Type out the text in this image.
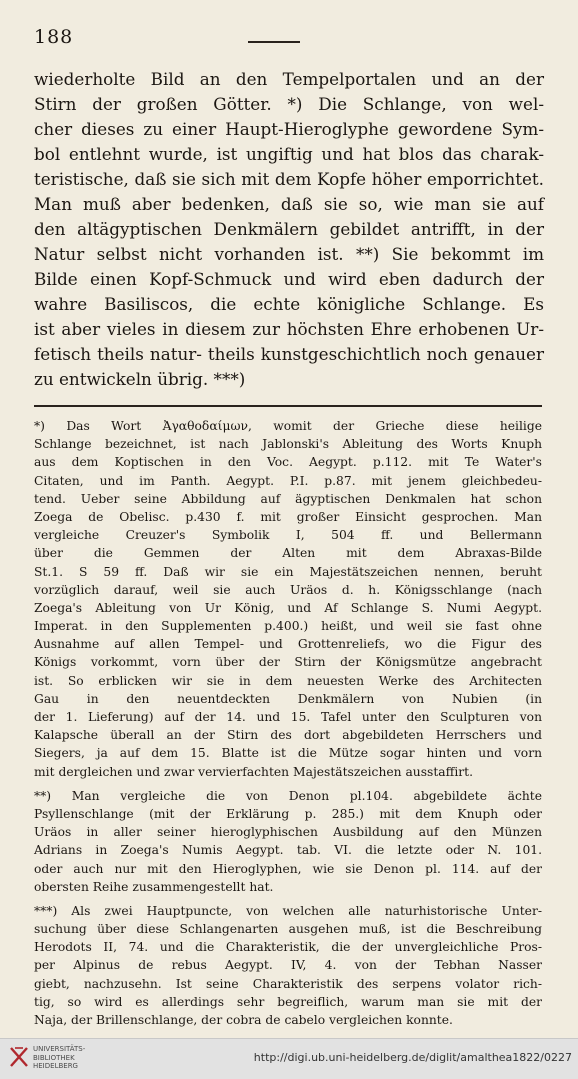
188
wiederholte Bild an den Tempelportalen und an der
Stirn der großen Götter. *) Die Schlange, von wel-
cher dieses zu einer Haupt-Hieroglyphe gewordene Sym-
bol entlehnt wurde, ist ungiftig und hat blos das charak-
teristische, daß sie sich mit dem Kopfe höher emporrichtet.
Man muß aber bedenken, daß sie so, wie man sie auf
den altägyptischen Denkmälern gebildet antrifft, in der
Natur selbst nicht vorhanden ist. **) Sie bekommt im
Bilde einen Kopf-Schmuck und wird eben dadurch der
wahre Basiliscos, die echte königliche Schlange. Es
ist aber vieles in diesem zur höchsten Ehre erhobenen Ur-
fetisch theils natur- theils kunstgeschichtlich noch genauer
zu entwickeln übrig. ***)
*) Das Wort Ἀγαθοδαίμων, womit der Grieche diese heilige
Schlange bezeichnet, ist nach Jablonski's Ableitung des Worts Knuph
aus dem Koptischen in den Voc. Aegypt. p.112. mit Te Water's
Citaten, und im Panth. Aegypt. P.I. p.87. mit jenem gleichbedeu-
tend. Ueber seine Abbildung auf ägyptischen Denkmalen hat schon
Zoega de Obelisc. p.430 f. mit großer Einsicht gesprochen. Man
vergleiche Creuzer's Symbolik I, 504 ff. und Bellermann
über die Gemmen der Alten mit dem Abraxas-Bilde
St.1. S 59 ff. Daß wir sie ein Majestätszeichen nennen, beruht
vorzüglich darauf, weil sie auch Uräos d. h. Königsschlange (nach
Zoega's Ableitung von Ur König, und Af Schlange S. Numi Aegypt.
Imperat. in den Supplementen p.400.) heißt, und weil sie fast ohne
Ausnahme auf allen Tempel- und Grottenreliefs, wo die Figur des
Königs vorkommt, vorn über der Stirn der Königsmütze angebracht
ist. So erblicken wir sie in dem neuesten Werke des Architecten
Gau in den neuentdeckten Denkmälern von Nubien (in
der 1. Lieferung) auf der 14. und 15. Tafel unter den Sculpturen von
Kalapsche überall an der Stirn des dort abgebildeten Herrschers und
Siegers, ja auf dem 15. Blatte ist die Mütze sogar hinten und vorn
mit dergleichen und zwar vervierfachten Majestätszeichen ausstaffirt.
**) Man vergleiche die von Denon pl.104. abgebildete ächte
Psyllenschlange (mit der Erklärung p. 285.) mit dem Knuph oder
Uräos in aller seiner hieroglyphischen Ausbildung auf den Münzen
Adrians in Zoega's Numis Aegypt. tab. VI. die letzte oder N. 101.
oder auch nur mit den Hieroglyphen, wie sie Denon pl. 114. auf der
obersten Reihe zusammengestellt hat.
***) Als zwei Hauptpuncte, von welchen alle naturhistorische Unter-
suchung über diese Schlangenarten ausgehen muß, ist die Beschreibung
Herodots II, 74. und die Charakteristik, die der unvergleichliche Pros-
per Alpinus de rebus Aegypt. IV, 4. von der Tebhan Nasser
giebt, nachzusehn. Ist seine Charakteristik des serpens volator rich-
tig, so wird es allerdings sehr begreiflich, warum man sie mit der
Naja, der Brillenschlange, der cobra de cabelo vergleichen konnte.
UNIVERSITÄTS-
BIBLIOTHEK
HEIDELBERG
http://digi.ub.uni-heidelberg.de/diglit/amalthea1822/0227
